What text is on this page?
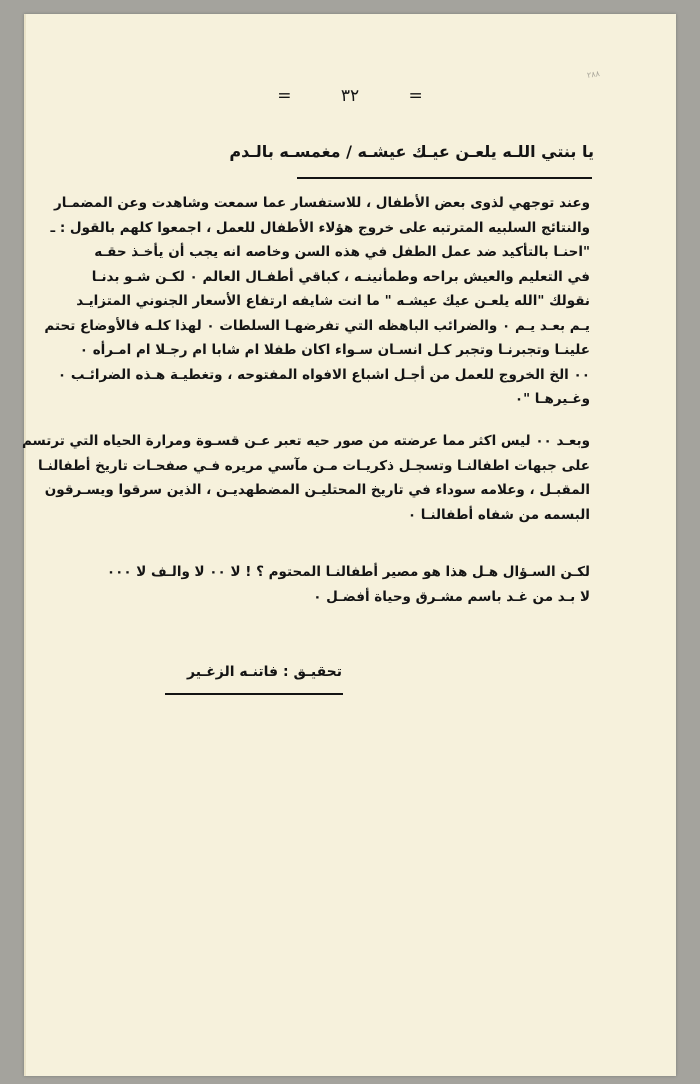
٢٨٨
=	٣٢	=
يا بنتي اللـه يلعـن عيـك عيشـه / مغمسـه بالـدم
وعند توجهي لذوى بعض الأطفال ، للاستفسار عما سمعت وشاهدت وعن المضمـار
والنتائج السلبيه المترتبه على خروج هؤلاء الأطفال للعمل ، اجمعوا كلهم بالقول : ـ
"احنـا بالتأكيد ضد عمل الطفل في هذه السن وخاصه انه يجب أن يأخـذ حقـه
في التعليم والعيش براحه وطمأنينـه ، كباقي أطفـال العالم ٠ لكـن شـو بدنـا
نقولك "الله يلعـن عيك عيشـه " ما انت شايفه ارتفاع الأسعار الجنوني المتزايـد
يـم بعـد يـم ٠ والضرائب الباهظه التي تفرضهـا السلطات ٠ لهذا كلـه فالأوضاع تحتم
علينـا وتجبرنـا وتجبر كـل انسـان سـواء اكان طفلا ام شابا ام رجـلا ام امـرأه ٠
٠٠ الخ الخروج للعمل من أجـل اشباع الافواه المفتوحه ، وتغطيـة هـذه الضرائـب ٠
وغـيرهـا "٠
وبعـد ٠٠ ليس اكثر مما عرضته من صور حيه تعبر عـن قسـوة ومرارة الحياه التي ترتسم
على جبهات اطفالنـا وتسجـل ذكريـات مـن مآسي مريره فـي صفحـات تاريخ أطفالنـا
المقبـل ، وعلامه سوداء في تاريخ المحتليـن المضطهديـن ، الذين سرقوا ويسـرقون
البسمه من شفاه أطفالنـا ٠
لكـن السـؤال هـل هذا هو مصير أطفالنـا المحتوم ؟ ! لا ٠٠ لا والـف لا ٠٠٠
لا بـد من غـد باسم مشـرق وحياة أفضـل ٠
تحقيـق : فاتنـه الزغـير
